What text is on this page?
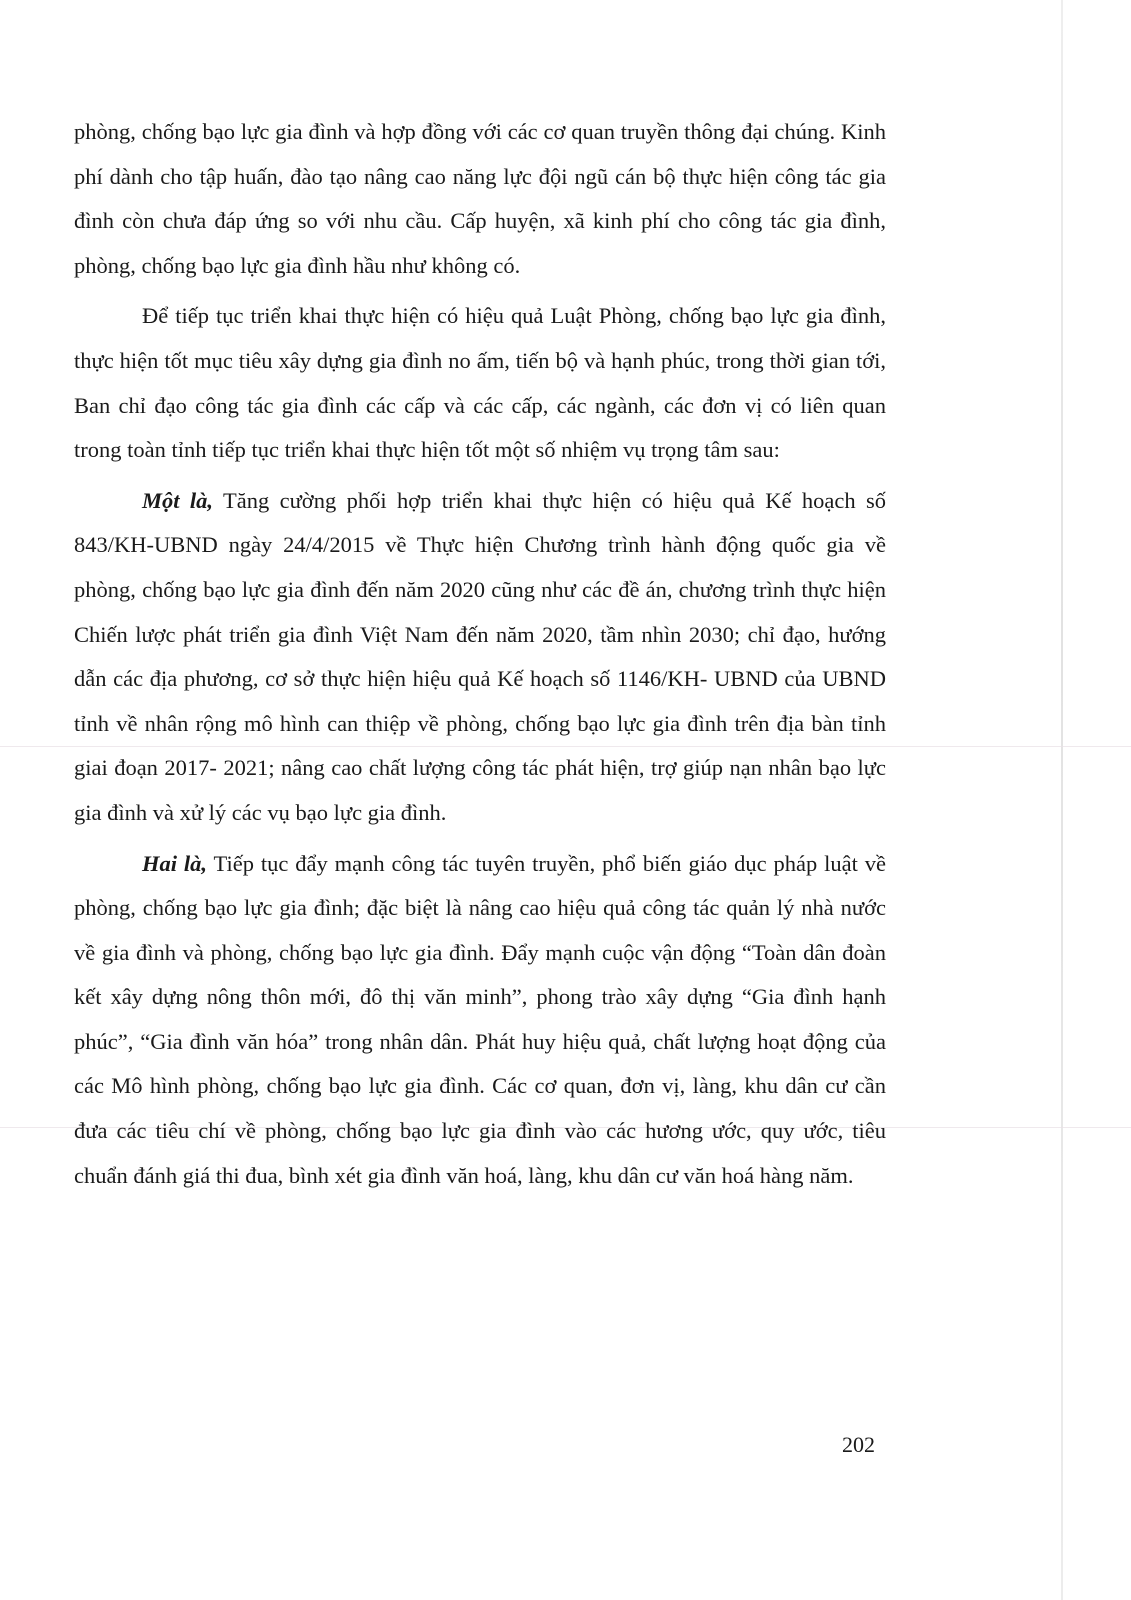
phòng, chống bạo lực gia đình và hợp đồng với các cơ quan truyền thông đại chúng. Kinh phí dành cho tập huấn, đào tạo nâng cao năng lực đội ngũ cán bộ thực hiện công tác gia đình còn chưa đáp ứng so với nhu cầu. Cấp huyện, xã kinh phí cho công tác gia đình, phòng, chống bạo lực gia đình hầu như không có.

Để tiếp tục triển khai thực hiện có hiệu quả Luật Phòng, chống bạo lực gia đình, thực hiện tốt mục tiêu xây dựng gia đình no ấm, tiến bộ và hạnh phúc, trong thời gian tới, Ban chỉ đạo công tác gia đình các cấp và các cấp, các ngành, các đơn vị có liên quan trong toàn tỉnh tiếp tục triển khai thực hiện tốt một số nhiệm vụ trọng tâm sau:

Một là, Tăng cường phối hợp triển khai thực hiện có hiệu quả Kế hoạch số 843/KH-UBND ngày 24/4/2015 về Thực hiện Chương trình hành động quốc gia về phòng, chống bạo lực gia đình đến năm 2020 cũng như các đề án, chương trình thực hiện Chiến lược phát triển gia đình Việt Nam đến năm 2020, tầm nhìn 2030; chỉ đạo, hướng dẫn các địa phương, cơ sở thực hiện hiệu quả Kế hoạch số 1146/KH- UBND của UBND tỉnh về nhân rộng mô hình can thiệp về phòng, chống bạo lực gia đình trên địa bàn tỉnh giai đoạn 2017- 2021; nâng cao chất lượng công tác phát hiện, trợ giúp nạn nhân bạo lực gia đình và xử lý các vụ bạo lực gia đình.

Hai là, Tiếp tục đẩy mạnh công tác tuyên truyền, phổ biến giáo dục pháp luật về phòng, chống bạo lực gia đình; đặc biệt là nâng cao hiệu quả công tác quản lý nhà nước về gia đình và phòng, chống bạo lực gia đình. Đẩy mạnh cuộc vận động “Toàn dân đoàn kết xây dựng nông thôn mới, đô thị văn minh”, phong trào xây dựng “Gia đình hạnh phúc”, “Gia đình văn hóa” trong nhân dân. Phát huy hiệu quả, chất lượng hoạt động của các Mô hình phòng, chống bạo lực gia đình. Các cơ quan, đơn vị, làng, khu dân cư cần đưa các tiêu chí về phòng, chống bạo lực gia đình vào các hương ước, quy ước, tiêu chuẩn đánh giá thi đua, bình xét gia đình văn hoá, làng, khu dân cư văn hoá hàng năm.

202
